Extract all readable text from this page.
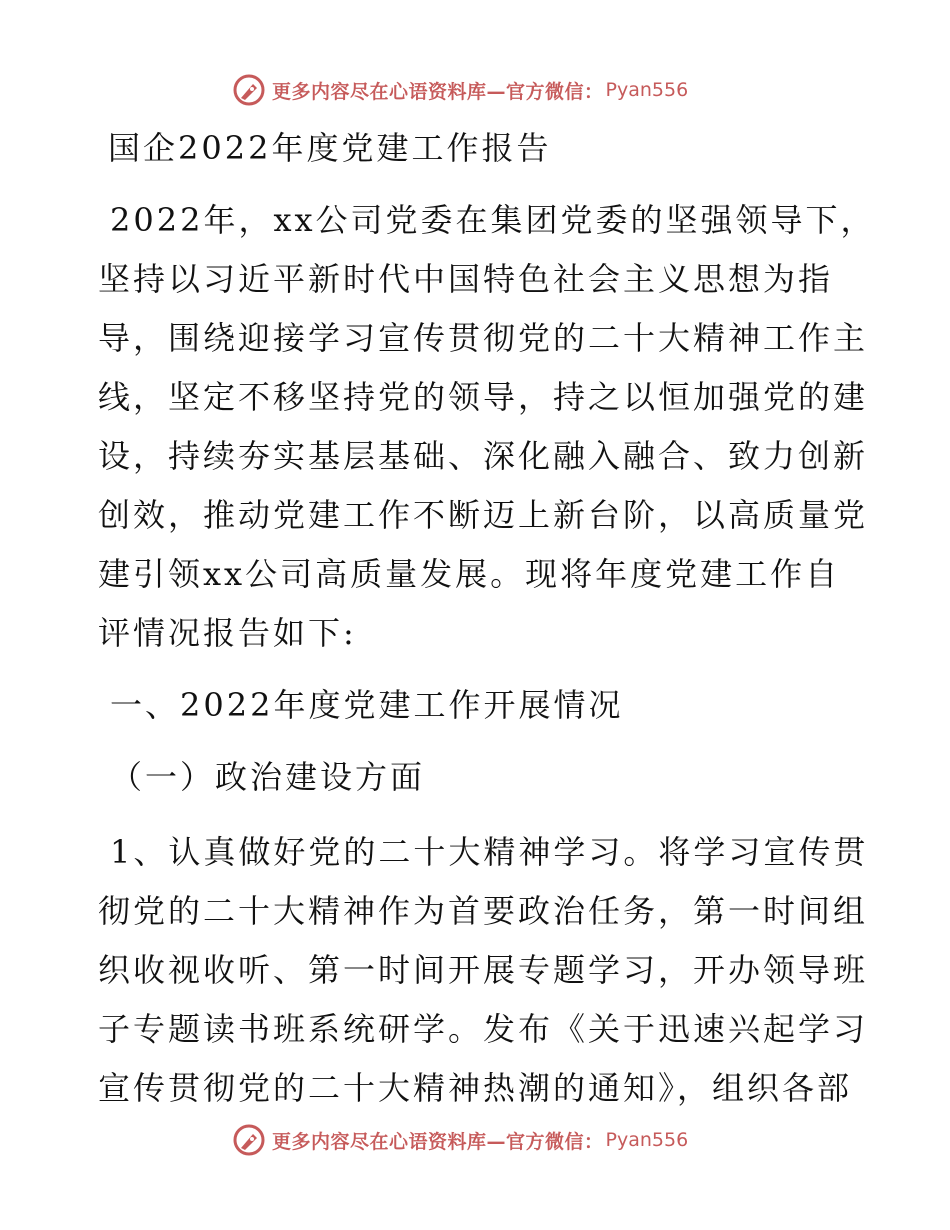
更多内容尽在心语资料库—官方微信： Pyan556
国企2022年度党建工作报告
2022年，xx公司党委在集团党委的坚强领导下，
坚持以习近平新时代中国特色社会主义思想为指
导，围绕迎接学习宣传贯彻党的二十大精神工作主
线，坚定不移坚持党的领导，持之以恒加强党的建
设，持续夯实基层基础、深化融入融合、致力创新
创效，推动党建工作不断迈上新台阶，以高质量党
建引领xx公司高质量发展。现将年度党建工作自
评情况报告如下:
一、2022年度党建工作开展情况
（一）政治建设方面
1、认真做好党的二十大精神学习。将学习宣传贯
彻党的二十大精神作为首要政治任务，第一时间组
织收视收听、第一时间开展专题学习，开办领导班
子专题读书班系统研学。发布《关于迅速兴起学习
宣传贯彻党的二十大精神热潮的通知》，组织各部
更多内容尽在心语资料库—官方微信： Pyan556
